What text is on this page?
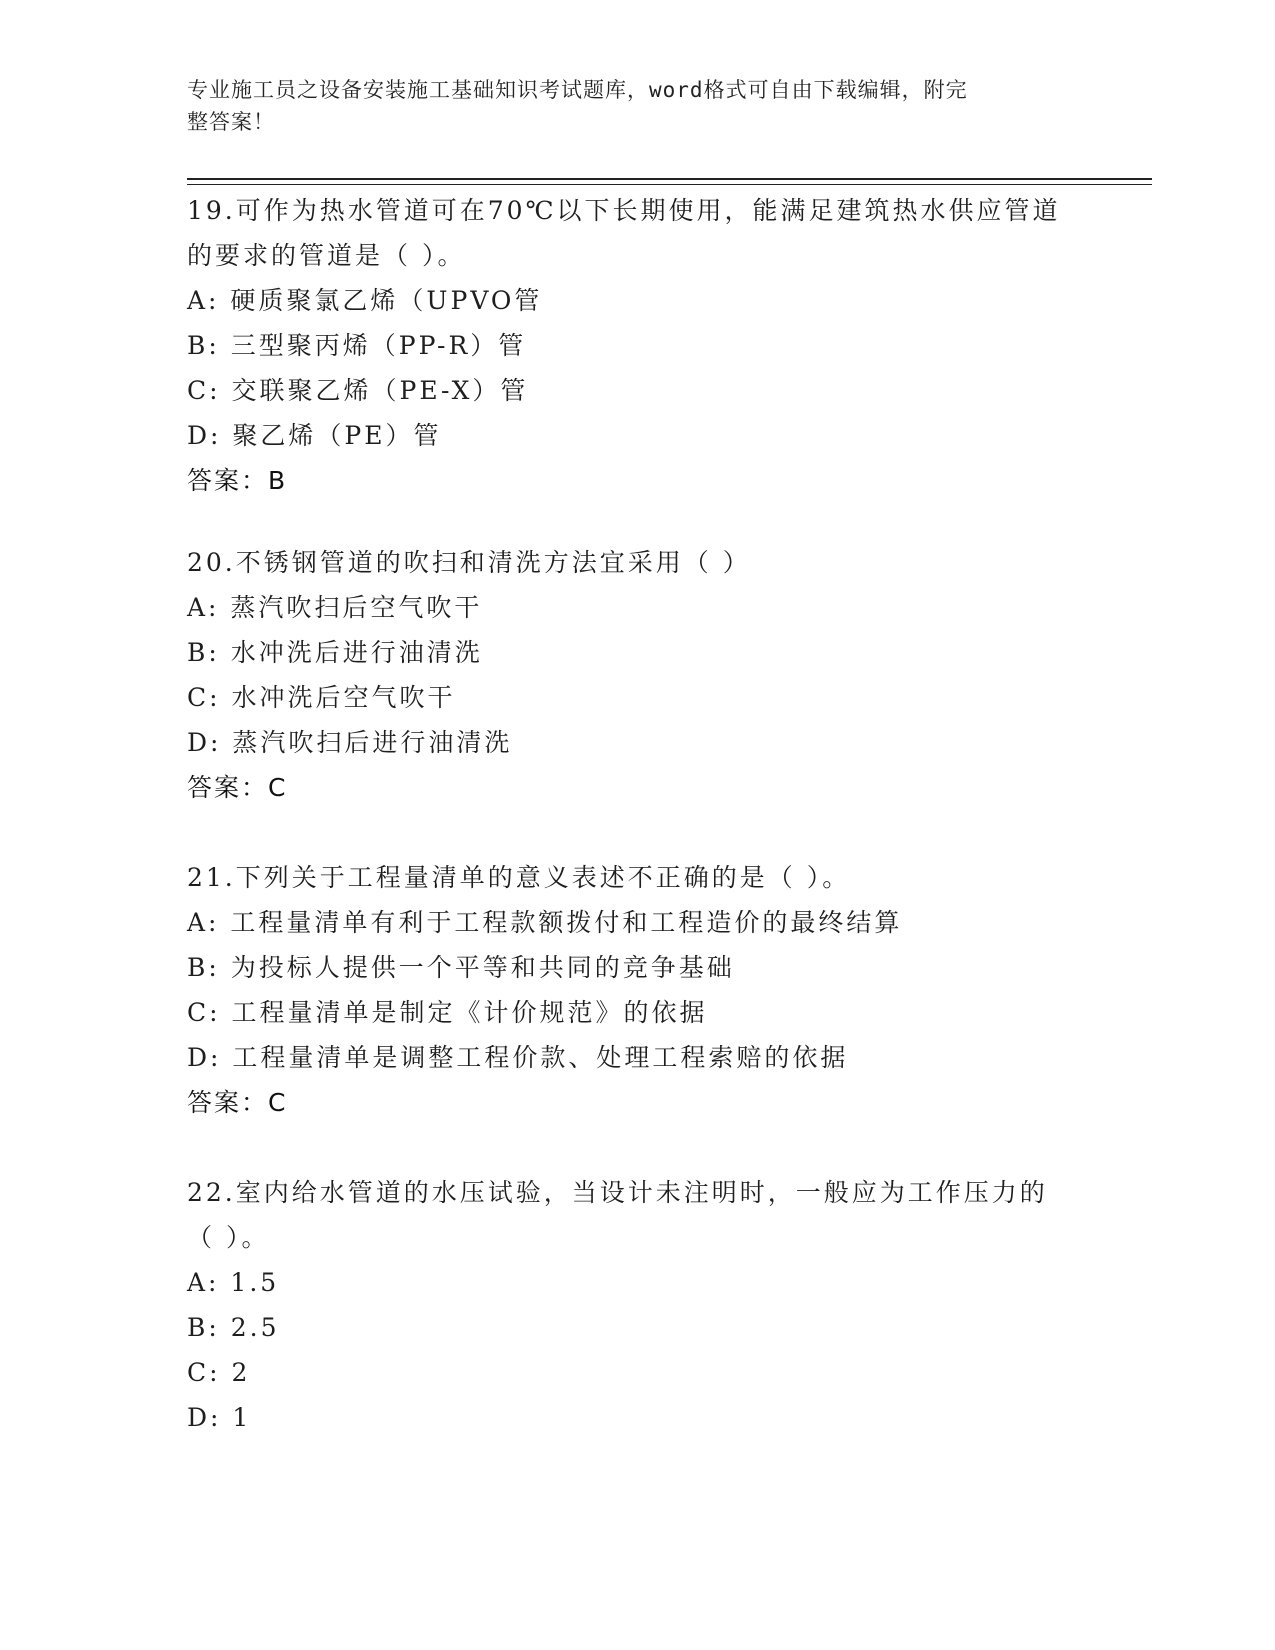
专业施工员之设备安装施工基础知识考试题库，word格式可自由下载编辑，附完
整答案！
19.可作为热水管道可在70℃以下长期使用，能满足建筑热水供应管道
的要求的管道是（ ）。
A: 硬质聚氯乙烯（UPVO管
B: 三型聚丙烯（PP-R）管
C: 交联聚乙烯（PE-X）管
D: 聚乙烯（PE）管
答案：B
20.不锈钢管道的吹扫和清洗方法宜采用（ ）
A: 蒸汽吹扫后空气吹干
B: 水冲洗后进行油清洗
C: 水冲洗后空气吹干
D: 蒸汽吹扫后进行油清洗
答案：C
21.下列关于工程量清单的意义表述不正确的是（ ）。
A: 工程量清单有利于工程款额拨付和工程造价的最终结算
B: 为投标人提供一个平等和共同的竞争基础
C: 工程量清单是制定《计价规范》的依据
D: 工程量清单是调整工程价款、处理工程索赔的依据
答案：C
22.室内给水管道的水压试验，当设计未注明时，一般应为工作压力的
（ ）。
A: 1.5
B: 2.5
C: 2
D: 1
